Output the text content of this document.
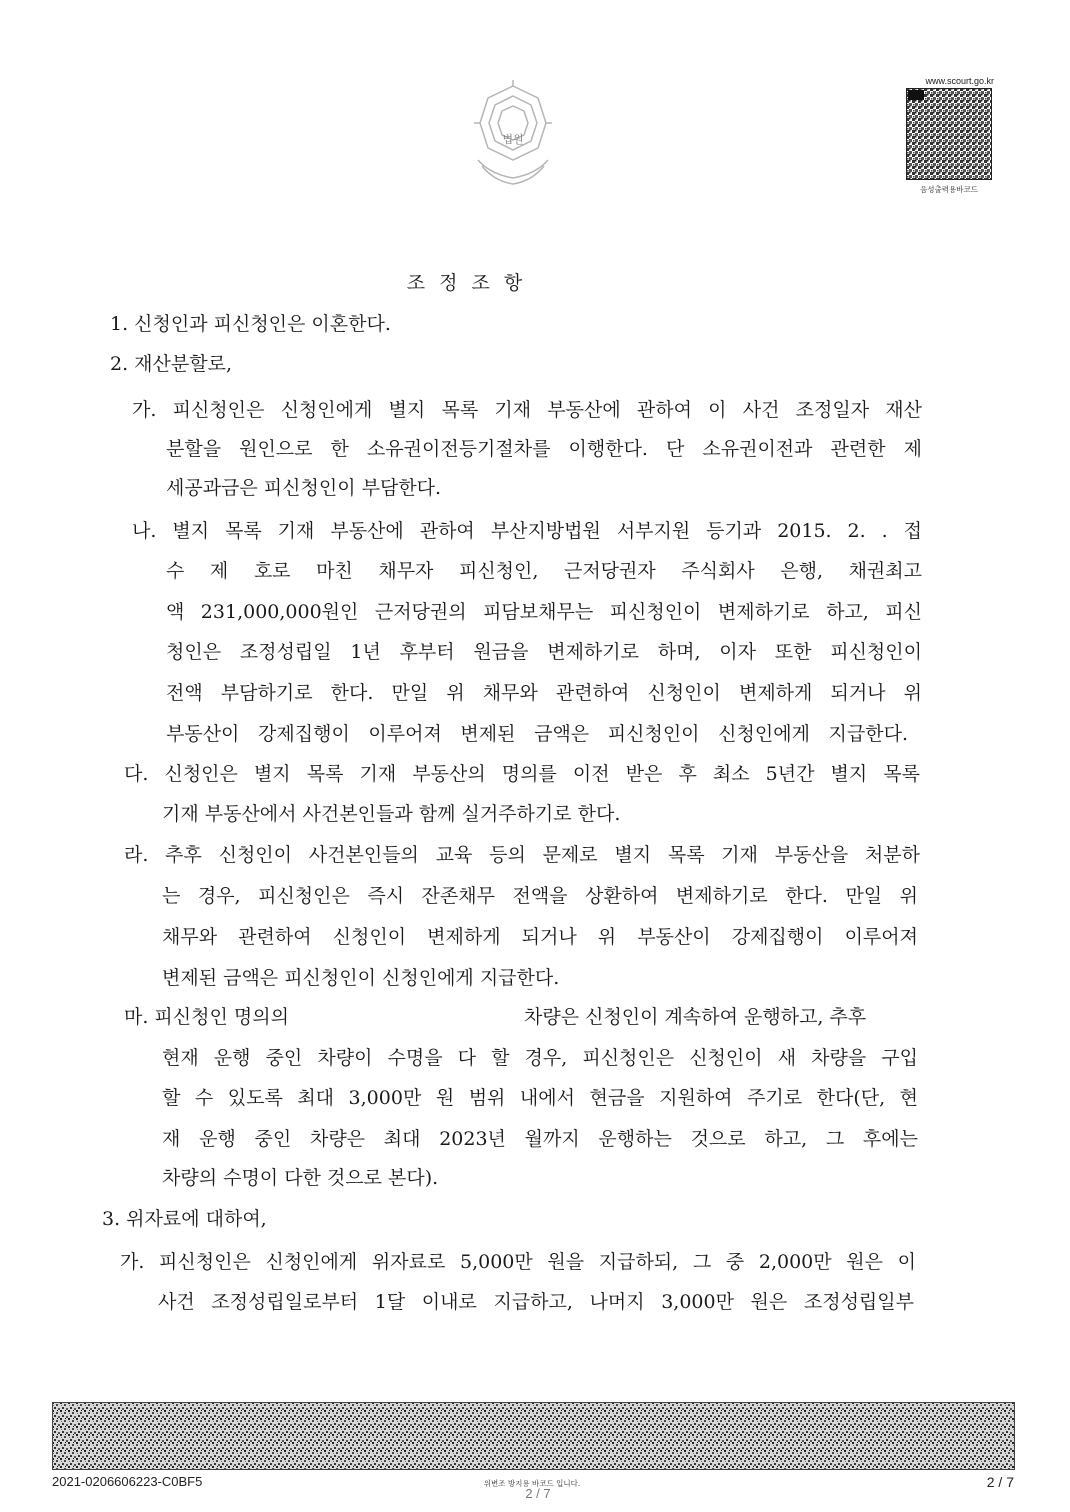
법원
www.scourt.go.kr
음성출력용바코드
조 정 조 항
1. 신청인과 피신청인은 이혼한다.
2. 재산분할로,
가. 피신청인은 신청인에게 별지 목록 기재 부동산에 관하여 이 사건 조정일자 재산
분할을 원인으로 한 소유권이전등기절차를 이행한다. 단 소유권이전과 관련한 제
세공과금은 피신청인이 부담한다.
나. 별지 목록 기재 부동산에 관하여 부산지방법원 서부지원 등기과 2015. 2. . 접
수 제 호로 마친 채무자 피신청인, 근저당권자 주식회사 은행, 채권최고
액 231,000,000원인 근저당권의 피담보채무는 피신청인이 변제하기로 하고, 피신
청인은 조정성립일 1년 후부터 원금을 변제하기로 하며, 이자 또한 피신청인이
전액 부담하기로 한다. 만일 위 채무와 관련하여 신청인이 변제하게 되거나 위
부동산이 강제집행이 이루어져 변제된 금액은 피신청인이 신청인에게 지급한다.
다. 신청인은 별지 목록 기재 부동산의 명의를 이전 받은 후 최소 5년간 별지 목록
기재 부동산에서 사건본인들과 함께 실거주하기로 한다.
라. 추후 신청인이 사건본인들의 교육 등의 문제로 별지 목록 기재 부동산을 처분하
는 경우, 피신청인은 즉시 잔존채무 전액을 상환하여 변제하기로 한다. 만일 위
채무와 관련하여 신청인이 변제하게 되거나 위 부동산이 강제집행이 이루어져
변제된 금액은 피신청인이 신청인에게 지급한다.
마. 피신청인 명의의	차량은 신청인이 계속하여 운행하고, 추후
현재 운행 중인 차량이 수명을 다 할 경우, 피신청인은 신청인이 새 차량을 구입
할 수 있도록 최대 3,000만 원 범위 내에서 현금을 지원하여 주기로 한다(단, 현
재 운행 중인 차량은 최대 2023년 월까지 운행하는 것으로 하고, 그 후에는
차량의 수명이 다한 것으로 본다).
3. 위자료에 대하여,
가. 피신청인은 신청인에게 위자료로 5,000만 원을 지급하되, 그 중 2,000만 원은 이
사건 조정성립일로부터 1달 이내로 지급하고, 나머지 3,000만 원은 조정성립일부
2021-0206606223-C0BF5	위변조 방지용 바코드 입니다.
2 / 7
2 / 7
